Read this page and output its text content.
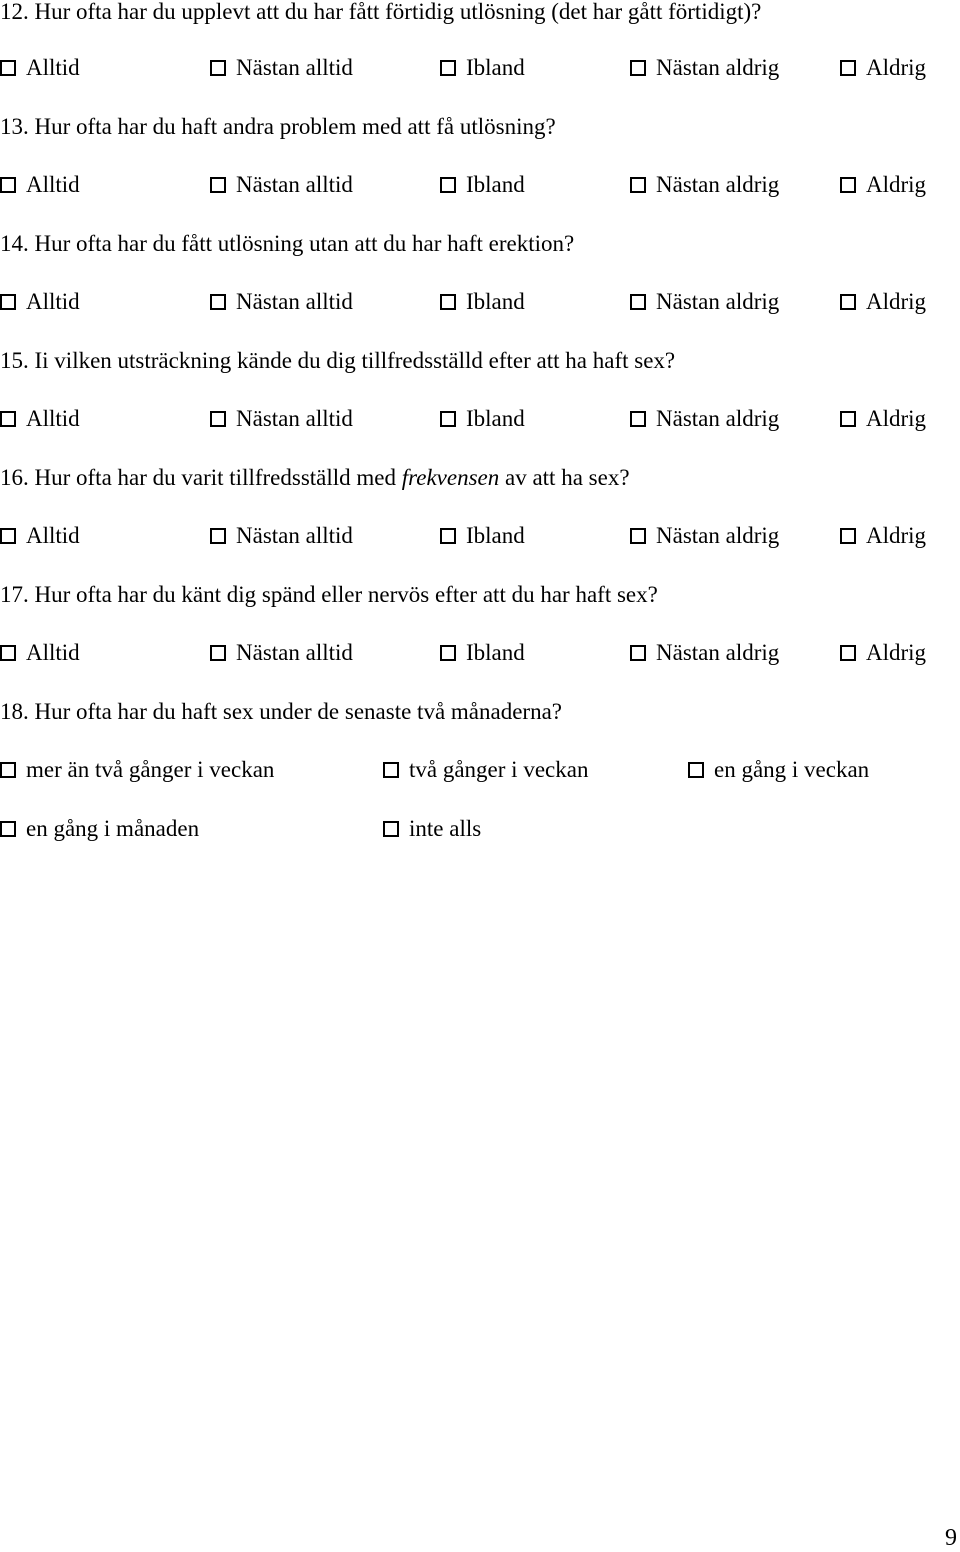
12. Hur ofta har du upplevt att du har fått förtidig utlösning (det har gått förtidigt)?
Alltid	Nästan alltid	Ibland	Nästan aldrig	Aldrig
13. Hur ofta har du haft andra problem med att få utlösning?
Alltid	Nästan alltid	Ibland	Nästan aldrig	Aldrig
14. Hur ofta har du fått utlösning utan att du har haft erektion?
Alltid	Nästan alltid	Ibland	Nästan aldrig	Aldrig
15. Ii vilken utsträckning kände du dig tillfredsställd efter att ha haft sex?
Alltid	Nästan alltid	Ibland	Nästan aldrig	Aldrig
16. Hur ofta har du varit tillfredsställd med frekvensen av att ha sex?
Alltid	Nästan alltid	Ibland	Nästan aldrig	Aldrig
17. Hur ofta har du känt dig spänd eller nervös efter att du har haft sex?
Alltid	Nästan alltid	Ibland	Nästan aldrig	Aldrig
18. Hur ofta har du haft sex under de senaste två månaderna?
mer än två gånger i veckan	två gånger i veckan	en gång i veckan
en gång i månaden	inte alls
9
